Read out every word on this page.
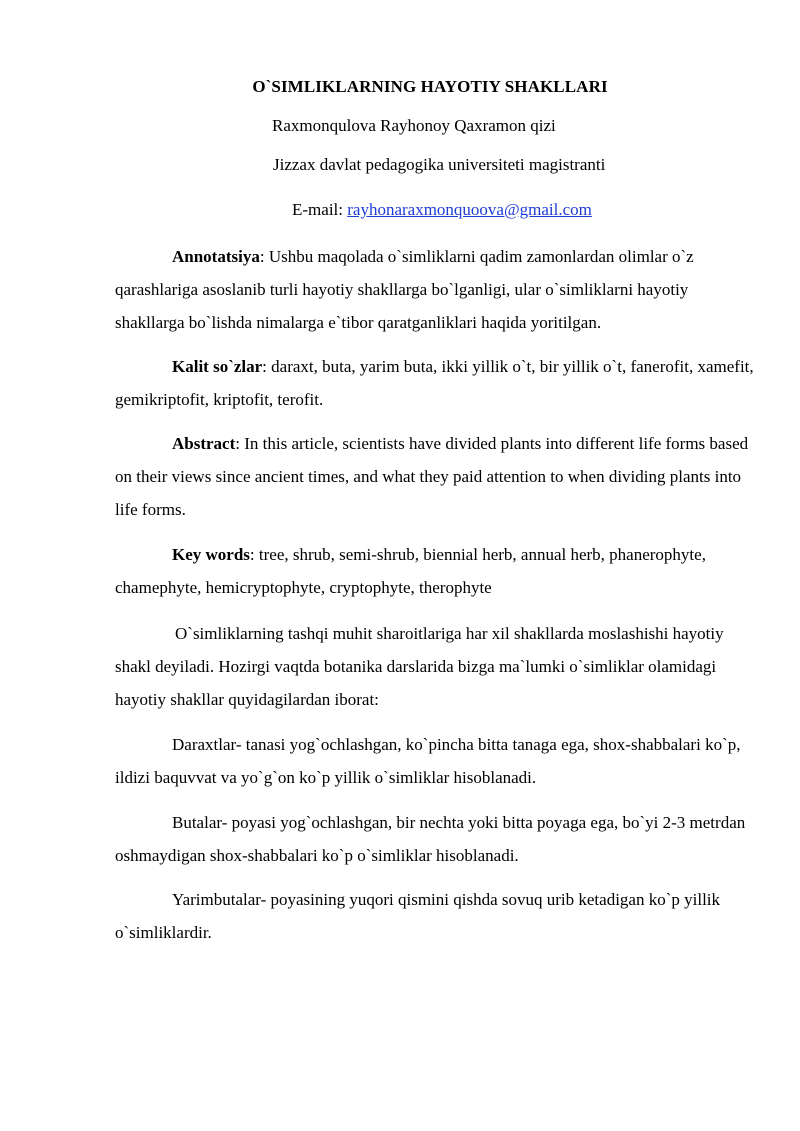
O`SIMLIKLARNING HAYOTIY SHAKLLARI
Raxmonqulova Rayhonoy Qaxramon qizi
Jizzax davlat pedagogika universiteti magistranti
E-mail: rayhonaraxmonquoova@gmail.com

Annotatsiya: Ushbu maqolada o`simliklarni qadim zamonlardan olimlar o`z qarashlariga asoslanib turli hayotiy shakllarga bo`lganligi, ular o`simliklarni hayotiy shakllarga bo`lishda nimalarga e`tibor qaratganliklari haqida yoritilgan.

Kalit so`zlar: daraxt, buta, yarim buta, ikki yillik o`t, bir yillik o`t, fanerofit, xamefit, gemikriptofit, kriptofit, terofit.

Abstract: In this article, scientists have divided plants into different life forms based on their views since ancient times, and what they paid attention to when dividing plants into life forms.

Key words: tree, shrub, semi-shrub, biennial herb, annual herb, phanerophyte, chamephyte, hemicryptophyte, cryptophyte, therophyte

O`simliklarning tashqi muhit sharoitlariga har xil shakllarda moslashishi hayotiy shakl deyiladi. Hozirgi vaqtda botanika darslarida bizga ma`lumki o`simliklar olamidagi hayotiy shakllar quyidagilardan iborat:

Daraxtlar- tanasi yog`ochlashgan, ko`pincha bitta tanaga ega, shox-shabbalari ko`p, ildizi baquvvat va yo`g`on ko`p yillik o`simliklar hisoblanadi.

Butalar- poyasi yog`ochlashgan, bir nechta yoki bitta poyaga ega, bo`yi 2-3 metrdan oshmaydigan shox-shabbalari ko`p o`simliklar hisoblanadi.

Yarimbutalar- poyasining yuqori qismini qishda sovuq urib ketadigan ko`p yillik o`simliklardir.
